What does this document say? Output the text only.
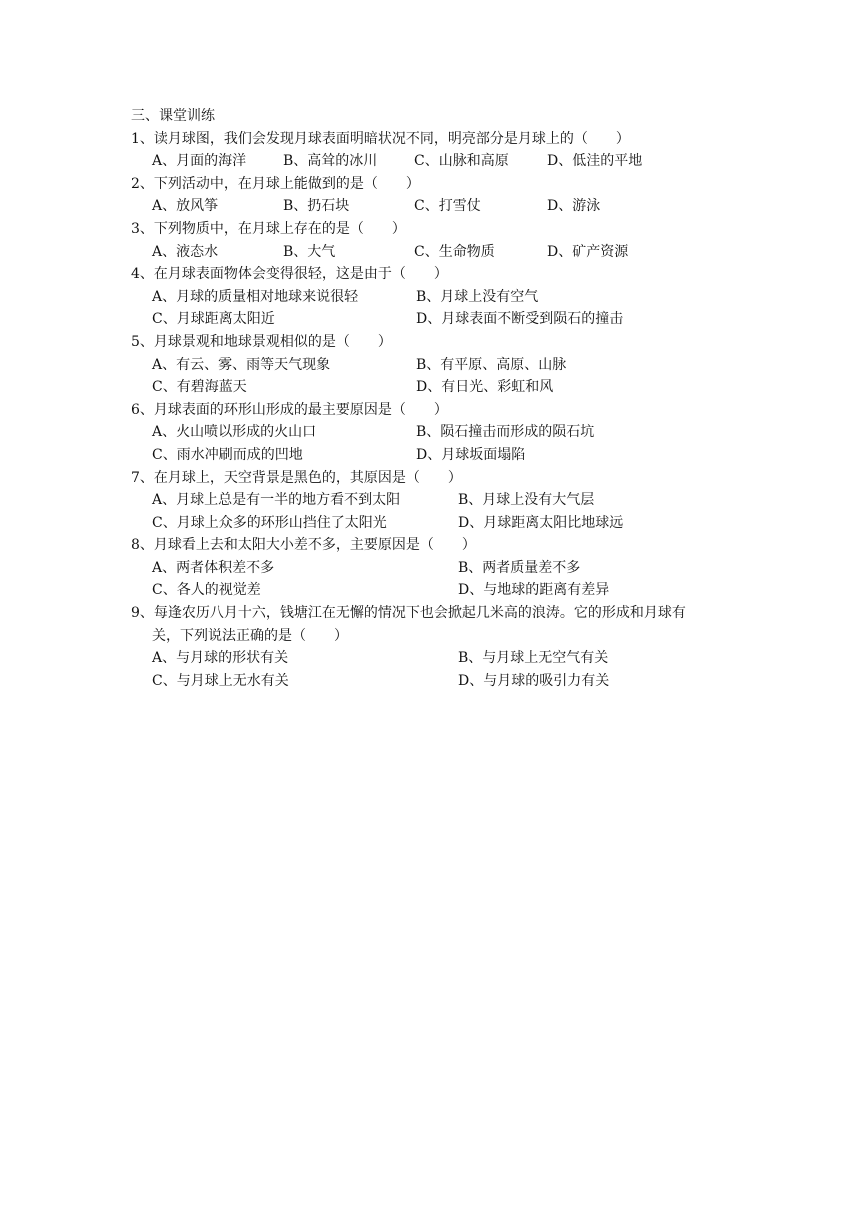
三、课堂训练
1、读月球图，我们会发现月球表面明暗状况不同，明亮部分是月球上的（　　）
A、月面的海洋	B、高耸的冰川	C、山脉和高原	D、低洼的平地
2、下列活动中，在月球上能做到的是（　　）
A、放风筝	B、扔石块	C、打雪仗	D、游泳
3、下列物质中，在月球上存在的是（　　）
A、液态水	B、大气	C、生命物质	D、矿产资源
4、在月球表面物体会变得很轻，这是由于（　　）
A、月球的质量相对地球来说很轻	B、月球上没有空气
C、月球距离太阳近	D、月球表面不断受到陨石的撞击
5、月球景观和地球景观相似的是（　　）
A、有云、雾、雨等天气现象	B、有平原、高原、山脉
C、有碧海蓝天	D、有日光、彩虹和风
6、月球表面的环形山形成的最主要原因是（　　）
A、火山喷以形成的火山口	B、陨石撞击而形成的陨石坑
C、雨水冲刷而成的凹地	D、月球坂面塌陷
7、在月球上，天空背景是黑色的，其原因是（　　）
A、月球上总是有一半的地方看不到太阳	B、月球上没有大气层
C、月球上众多的环形山挡住了太阳光	D、月球距离太阳比地球远
8、月球看上去和太阳大小差不多，主要原因是（　　）
A、两者体积差不多	B、两者质量差不多
C、各人的视觉差	D、与地球的距离有差异
9、每逢农历八月十六，钱塘江在无懈的情况下也会掀起几米高的浪涛。它的形成和月球有
关，下列说法正确的是（　　）
A、与月球的形状有关	B、与月球上无空气有关
C、与月球上无水有关	D、与月球的吸引力有关
